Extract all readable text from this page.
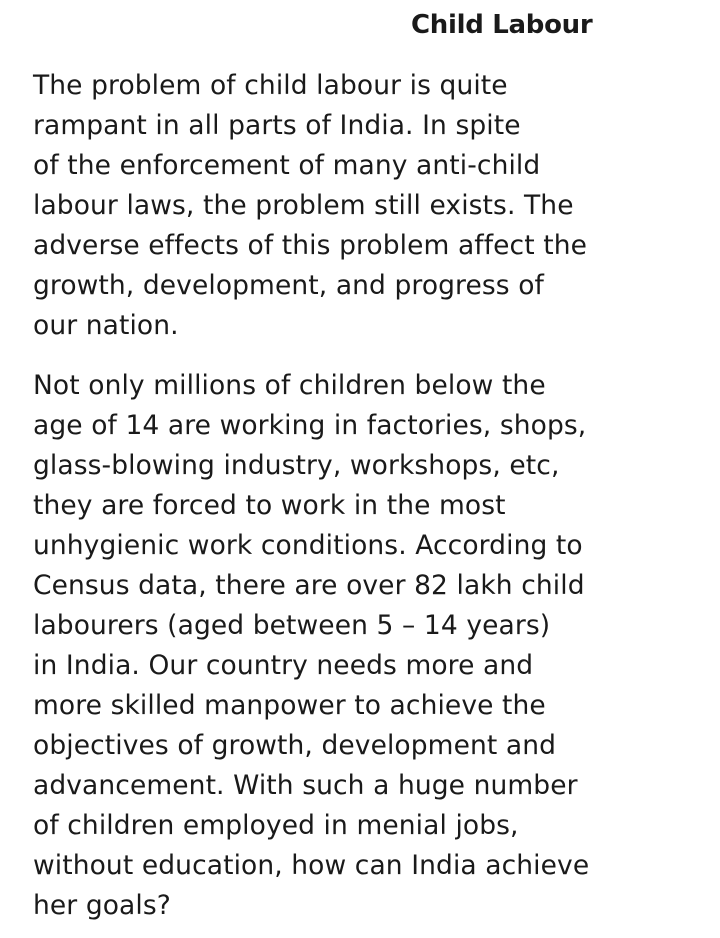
Child Labour

The problem of child labour is quite
rampant in all parts of India. In spite
of the enforcement of many anti-child
labour laws, the problem still exists. The
adverse effects of this problem affect the
growth, development, and progress of
our nation.

Not only millions of children below the
age of 14 are working in factories, shops,
glass-blowing industry, workshops, etc,
they are forced to work in the most
unhygienic work conditions. According to
Census data, there are over 82 lakh child
labourers (aged between 5 – 14 years)
in India. Our country needs more and
more skilled manpower to achieve the
objectives of growth, development and
advancement. With such a huge number
of children employed in menial jobs,
without education, how can India achieve
her goals?
